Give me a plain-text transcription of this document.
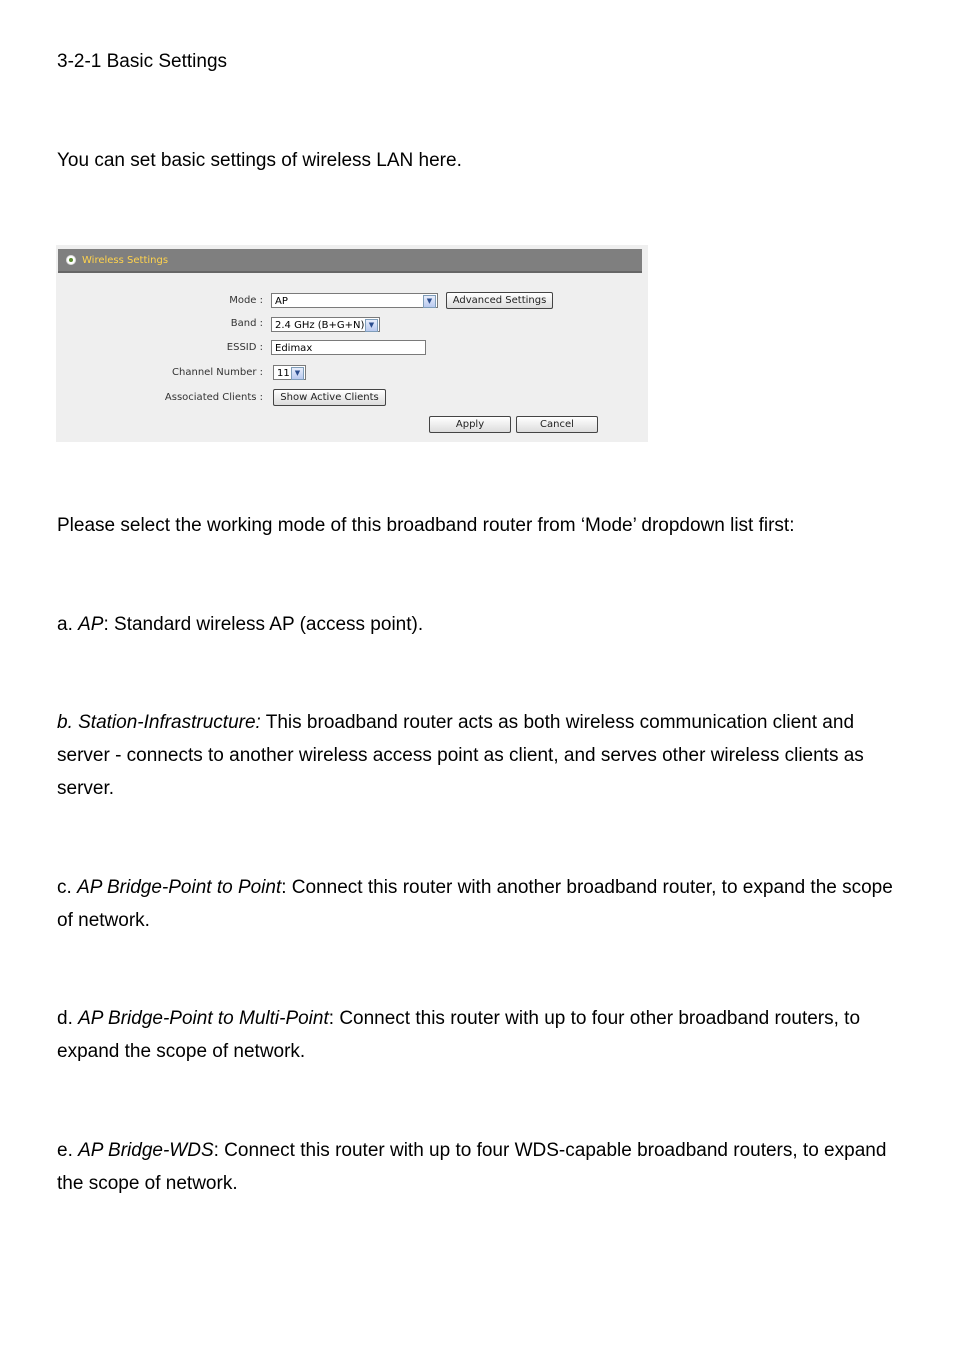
3-2-1 Basic Settings
You can set basic settings of wireless LAN here.
Wireless Settings
Mode :	AP	▼	Advanced Settings
Band :	2.4 GHz (B+G+N) ▼
ESSID :	Edimax
Channel Number :	11 ▼
Associated Clients :	Show Active Clients
Apply	Cancel
Please select the working mode of this broadband router from ‘Mode’ dropdown list first:

a. AP: Standard wireless AP (access point).

b. Station-Infrastructure: This broadband router acts as both wireless communication client and server - connects to another wireless access point as client, and serves other wireless clients as server.

c. AP Bridge-Point to Point: Connect this router with another broadband router, to expand the scope of network.

d. AP Bridge-Point to Multi-Point: Connect this router with up to four other broadband routers, to expand the scope of network.

e. AP Bridge-WDS: Connect this router with up to four WDS-capable broadband routers, to expand the scope of network.
